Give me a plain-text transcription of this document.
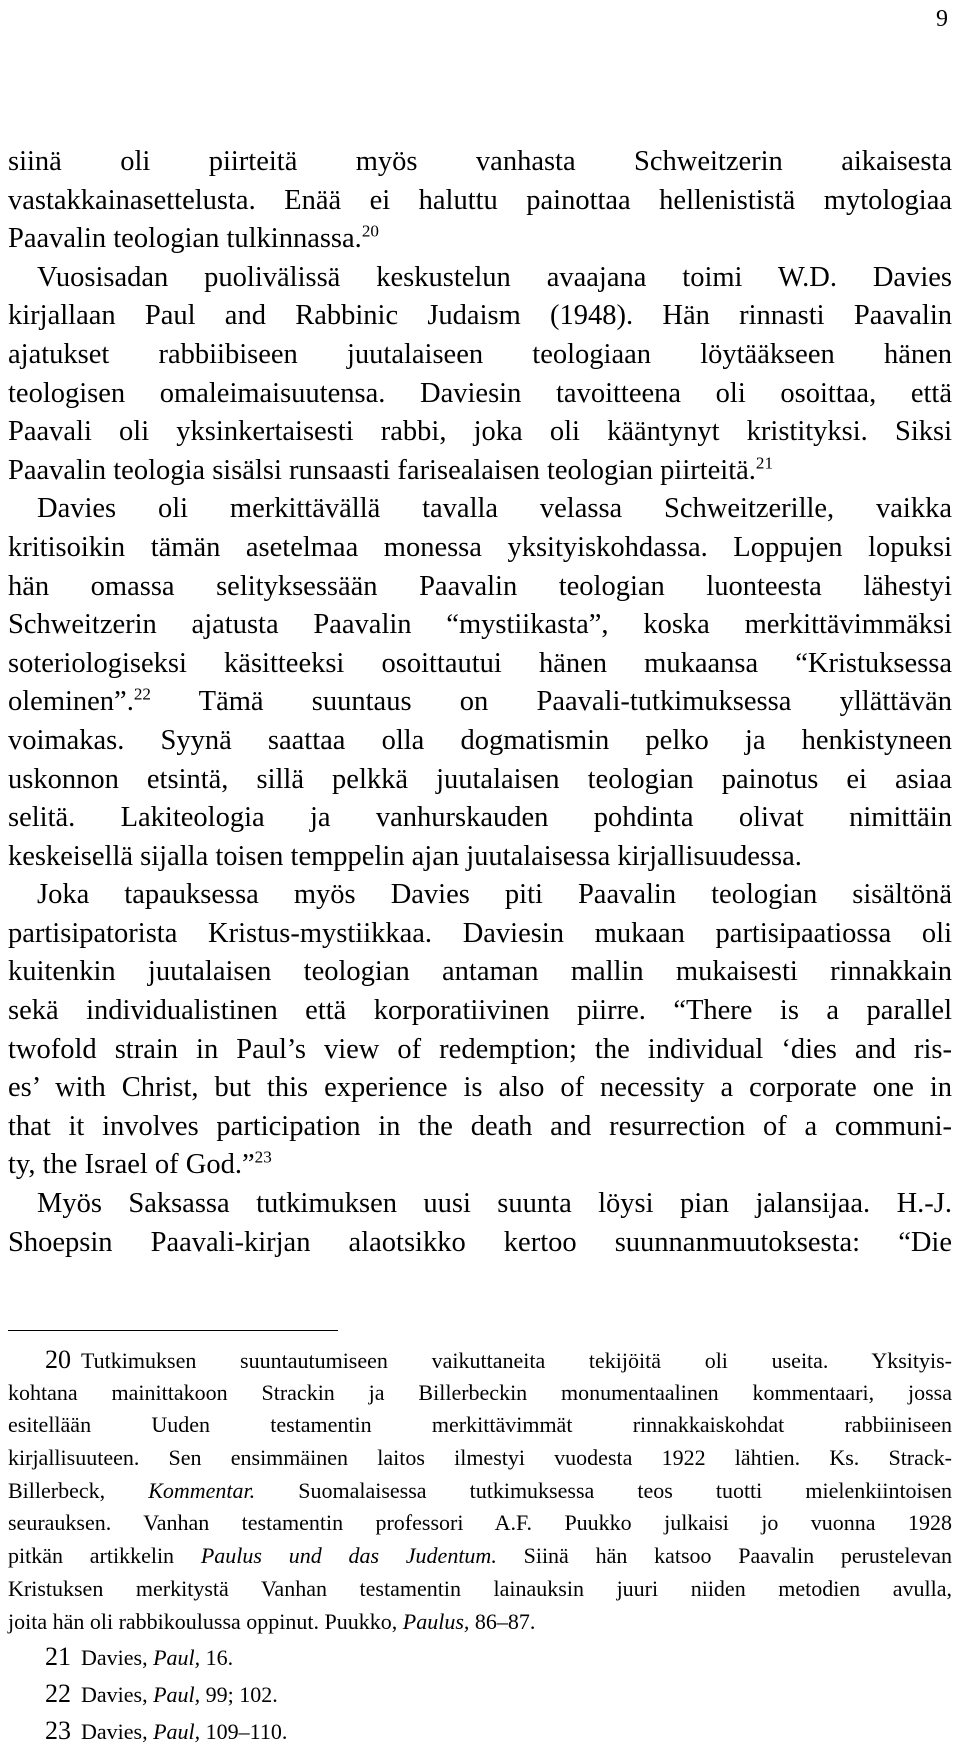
9
siinä oli piirteitä myös vanhasta Schweitzerin aikaisesta
vastakkainasettelusta. Enää ei haluttu painottaa hellenististä mytologiaa
Paavalin teologian tulkinnassa.$^{20}$
Vuosisadan puolivälissä keskustelun avaajana toimi W.D. Davies
kirjallaan Paul and Rabbinic Judaism (1948). Hän rinnasti Paavalin
ajatukset rabbiibiseen juutalaiseen teologiaan löytääkseen hänen
teologisen omaleimaisuutensa. Daviesin tavoitteena oli osoittaa, että
Paavali oli yksinkertaisesti rabbi, joka oli kääntynyt kristityksi. Siksi
Paavalin teologia sisälsi runsaasti farisealaisen teologian piirteitä.$^{21}$
Davies oli merkittävällä tavalla velassa Schweitzerille, vaikka
kritisoikin tämän asetelmaa monessa yksityiskohdassa. Loppujen lopuksi
hän omassa selityksessään Paavalin teologian luonteesta lähestyi
Schweitzerin ajatusta Paavalin “mystiikasta”, koska merkittävimmäksi
soteriologiseksi käsitteeksi osoittautui hänen mukaansa “Kristuksessa
oleminen”.$^{22}$ Tämä suuntaus on Paavali-tutkimuksessa yllättävän
voimakas. Syynä saattaa olla dogmatismin pelko ja henkistyneen
uskonnon etsintä, sillä pelkkä juutalaisen teologian painotus ei asiaa
selitä. Lakiteologia ja vanhurskauden pohdinta olivat nimittäin
keskeisellä sijalla toisen temppelin ajan juutalaisessa kirjallisuudessa.
Joka tapauksessa myös Davies piti Paavalin teologian sisältönä
partisipatorista Kristus-mystiikkaa. Daviesin mukaan partisipaatiossa oli
kuitenkin juutalaisen teologian antaman mallin mukaisesti rinnakkain
sekä individualistinen että korporatiivinen piirre. “There is a parallel
twofold strain in Paul’s view of redemption; the individual ‘dies and ris-
es’ with Christ, but this experience is also of necessity a corporate one in
that it involves participation in the death and resurrection of a communi-
ty, the Israel of God.”$^{23}$
Myös Saksassa tutkimuksen uusi suunta löysi pian jalansijaa. H.-J.
Shoepsin Paavali-kirjan alaotsikko kertoo suunnanmuutoksesta: “Die
20 Tutkimuksen suuntautumiseen vaikuttaneita tekijöitä oli useita. Yksityis-
kohtana mainittakoon Strackin ja Billerbeckin monumentaalinen kommentaari, jossa
esitellään Uuden testamentin merkittävimmät rinnakkaiskohdat rabbiiniseen
kirjallisuuteen. Sen ensimmäinen laitos ilmestyi vuodesta 1922 lähtien. Ks. Strack-
Billerbeck, Kommentar. Suomalaisessa tutkimuksessa teos tuotti mielenkiintoisen
seurauksen. Vanhan testamentin professori A.F. Puukko julkaisi jo vuonna 1928
pitkän artikkelin Paulus und das Judentum. Siinä hän katsoo Paavalin perustelevan
Kristuksen merkitystä Vanhan testamentin lainauksin juuri niiden metodien avulla,
joita hän oli rabbikoulussa oppinut. Puukko, Paulus, 86–87.
21 Davies, Paul, 16.
22 Davies, Paul, 99; 102.
23 Davies, Paul, 109–110.
